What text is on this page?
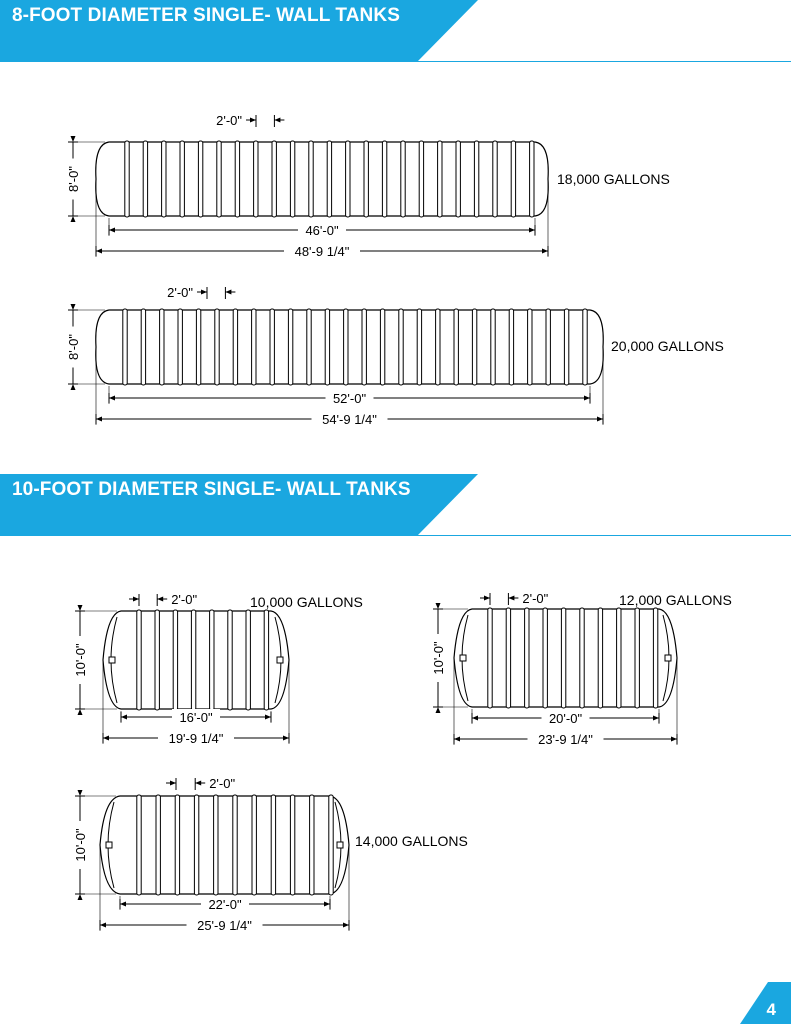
8-FOOT DIAMETER SINGLE- WALL TANKS
10-FOOT DIAMETER SINGLE- WALL TANKS
2'-0"
8'-0"
46'-0"
48'-9 1/4"
18,000 GALLONS
2'-0"
8'-0"
52'-0"
54'-9 1/4"
20,000 GALLONS
2'-0"
10'-0"
16'-0"
19'-9 1/4"
10,000 GALLONS	2'-0"
10'-0"
20'-0"
23'-9 1/4"
12,000 GALLONS
2'-0"
10'-0"
22'-0"
25'-9 1/4"
14,000 GALLONS
4
